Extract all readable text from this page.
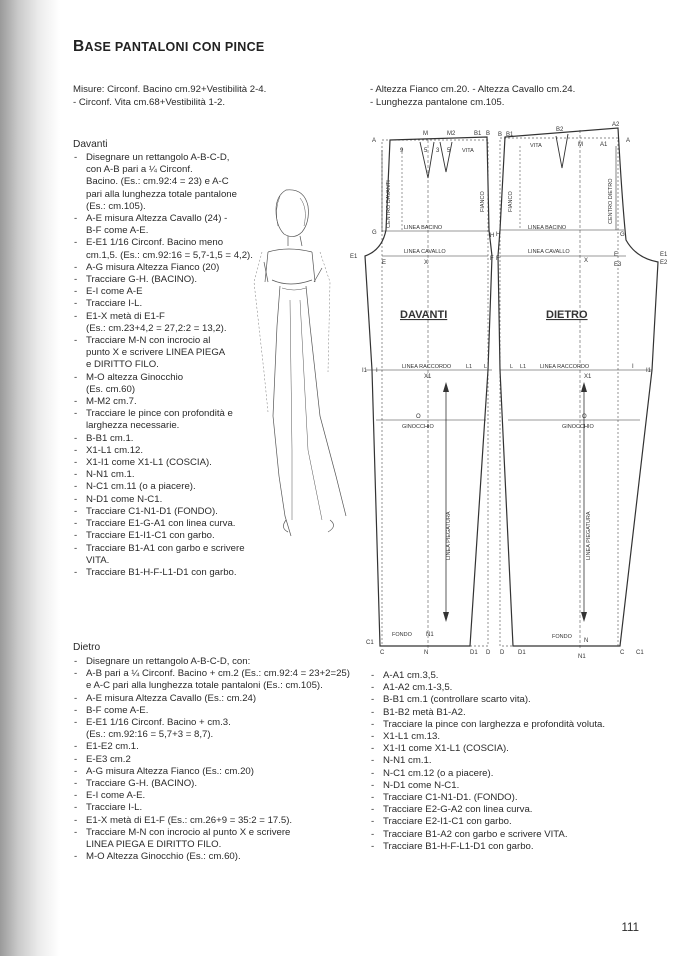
BASE PANTALONI CON PINCE
Misure: Circonf. Bacino cm.92+Vestibilità 2-4.
- Circonf. Vita cm.68+Vestibilità 1-2.
- Altezza Fianco cm.20. - Altezza Cavallo cm.24.
- Lunghezza pantalone cm.105.
Davanti
- Disegnare un rettangolo A-B-C-D,
con A-B pari a ¼ Circonf.
Bacino. (Es.: cm.92:4 = 23) e A-C
pari alla lunghezza totale pantalone
(Es.: cm.105).
- A-E misura Altezza Cavallo (24) -
B-F come A-E.
- E-E1 1/16 Circonf. Bacino meno
cm.1,5. (Es.: cm.92:16 = 5,7-1,5 = 4,2).
- A-G misura Altezza Fianco (20)
- Tracciare G-H. (BACINO).
- E-I come A-E
- Tracciare I-L.
- E1-X metà di E1-F
(Es.: cm.23+4,2 = 27,2:2 = 13,2).
- Tracciare M-N con incrocio al
punto X e scrivere LINEA PIEGA
e DIRITTO FILO.
- M-O altezza Ginocchio
(Es. cm.60)
- M-M2 cm.7.
- Tracciare le pince con profondità e
larghezza necessarie.
- B-B1 cm.1.
- X1-L1 cm.12.
- X1-I1 come X1-L1 (COSCIA).
- N-N1 cm.1.
- N-C1 cm.11 (o a piacere).
- N-D1 come N-C1.
- Tracciare C1-N1-D1 (FONDO).
- Tracciare E1-G-A1 con linea curva.
- Tracciare E1-I1-C1 con garbo.
- Tracciare B1-A1 con garbo e scrivere
VITA.
- Tracciare B1-H-F-L1-D1 con garbo.
Dietro
- Disegnare un rettangolo A-B-C-D, con:
- A-B pari a ¼ Circonf. Bacino + cm.2 (Es.: cm.92:4 = 23+2=25)
e A-C pari alla lunghezza totale pantaloni (Es.: cm.105).
- A-E misura Altezza Cavallo (Es.: cm.24)
- B-F come A-E.
- E-E1 1/16 Circonf. Bacino + cm.3.
(Es.: cm.92:16 = 5,7+3 = 8,7).
- E1-E2 cm.1.
- E-E3 cm.2
- A-G misura Altezza Fianco (Es.: cm.20)
- Tracciare G-H. (BACINO).
- E-I come A-E.
- Tracciare I-L.
- E1-X metà di E1-F (Es.: cm.26+9 = 35:2 = 17.5).
- Tracciare M-N con incrocio al punto X e scrivere
LINEA PIEGA E DIRITTO FILO.
- M-O Altezza Ginocchio (Es.: cm.60).
- A-A1 cm.3,5.
- A1-A2 cm.1-3,5.
- B-B1 cm.1 (controllare scarto vita).
- B1-B2 metà B1-A2.
- Tracciare la pince con larghezza e profondità voluta.
- X1-L1 cm.13.
- X1-I1 come X1-L1 (COSCIA).
- N-N1 cm.1.
- N-C1 cm.12 (o a piacere).
- N-D1 come N-C1.
- Tracciare C1-N1-D1. (FONDO).
- Tracciare E2-G-A2 con linea curva.
- Tracciare E2-I1-C1 con garbo.
- Tracciare B1-A2 con garbo e scrivere VITA.
- Tracciare B1-H-F-L1-D1 con garbo.
A
M	M2	B1 B
9	5 3 5 VITA
G
E1
E	X
H
F
LINEA BACINO
LINEA CAVALLO
I1 I
LINEA RACCORDO	L1 L
X1
O
GINOCCHIO
DAVANTI
FONDO N1
C1
C	N	D1 D
CENTRO DAVANTI	FIANCO
LINEA PIEGATURA
B B1
B2
A2
M	A1
A
VITA
H	G
F
E	E1
E2
E3
X
LINEA BACINO
LINEA CAVALLO
L L1	LINEA RACCORDO	I
I1
X1
O
GINOCCHIO
DIETRO
FONDO
N
D D1
N1
C C1
CENTRO DIETRO
FIANCO
LINEA PIEGATURA
111
